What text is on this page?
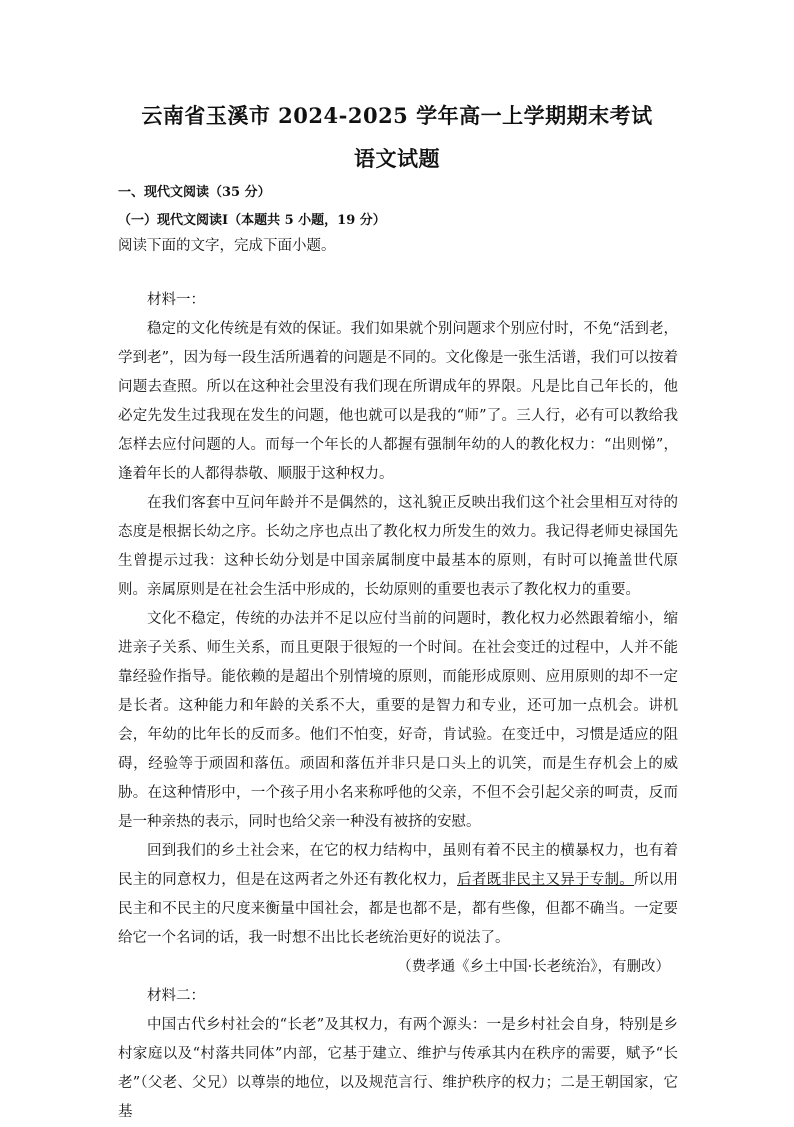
云南省玉溪市 2024-2025 学年高一上学期期末考试
语文试题
一、现代文阅读（35 分）
（一）现代文阅读Ⅰ（本题共 5 小题，19 分）
阅读下面的文字，完成下面小题。

材料一：

稳定的文化传统是有效的保证。我们如果就个别问题求个别应付时，不免“活到老，学到老”，因为每一段生活所遇着的问题是不同的。文化像是一张生活谱，我们可以按着问题去查照。所以在这种社会里没有我们现在所谓成年的界限。凡是比自己年长的，他必定先发生过我现在发生的问题，他也就可以是我的“师”了。三人行，必有可以教给我怎样去应付问题的人。而每一个年长的人都握有强制年幼的人的教化权力：“出则悌”，逢着年长的人都得恭敬、顺服于这种权力。

在我们客套中互问年龄并不是偶然的，这礼貌正反映出我们这个社会里相互对待的态度是根据长幼之序。长幼之序也点出了教化权力所发生的效力。我记得老师史禄国先生曾提示过我：这种长幼分划是中国亲属制度中最基本的原则，有时可以掩盖世代原则。亲属原则是在社会生活中形成的，长幼原则的重要也表示了教化权力的重要。

文化不稳定，传统的办法并不足以应付当前的问题时，教化权力必然跟着缩小，缩进亲子关系、师生关系，而且更限于很短的一个时间。在社会变迁的过程中，人并不能靠经验作指导。能依赖的是超出个别情境的原则，而能形成原则、应用原则的却不一定是长者。这种能力和年龄的关系不大，重要的是智力和专业，还可加一点机会。讲机会，年幼的比年长的反而多。他们不怕变，好奇，肯试验。在变迁中，习惯是适应的阻碍，经验等于顽固和落伍。顽固和落伍并非只是口头上的讥笑，而是生存机会上的威胁。在这种情形中，一个孩子用小名来称呼他的父亲，不但不会引起父亲的呵责，反而是一种亲热的表示，同时也给父亲一种没有被挤的安慰。

回到我们的乡土社会来，在它的权力结构中，虽则有着不民主的横暴权力，也有着民主的同意权力，但是在这两者之外还有教化权力，后者既非民主又异于专制。所以用民主和不民主的尺度来衡量中国社会，都是也都不是，都有些像，但都不确当。一定要给它一个名词的话，我一时想不出比长老统治更好的说法了。

（费孝通《乡土中国·长老统治》，有删改）

材料二：

中国古代乡村社会的“长老”及其权力，有两个源头：一是乡村社会自身，特别是乡村家庭以及“村落共同体”内部，它基于建立、维护与传承其内在秩序的需要，赋予“长老”（父老、父兄）以尊崇的地位，以及规范言行、维护秩序的权力；二是王朝国家，它基
